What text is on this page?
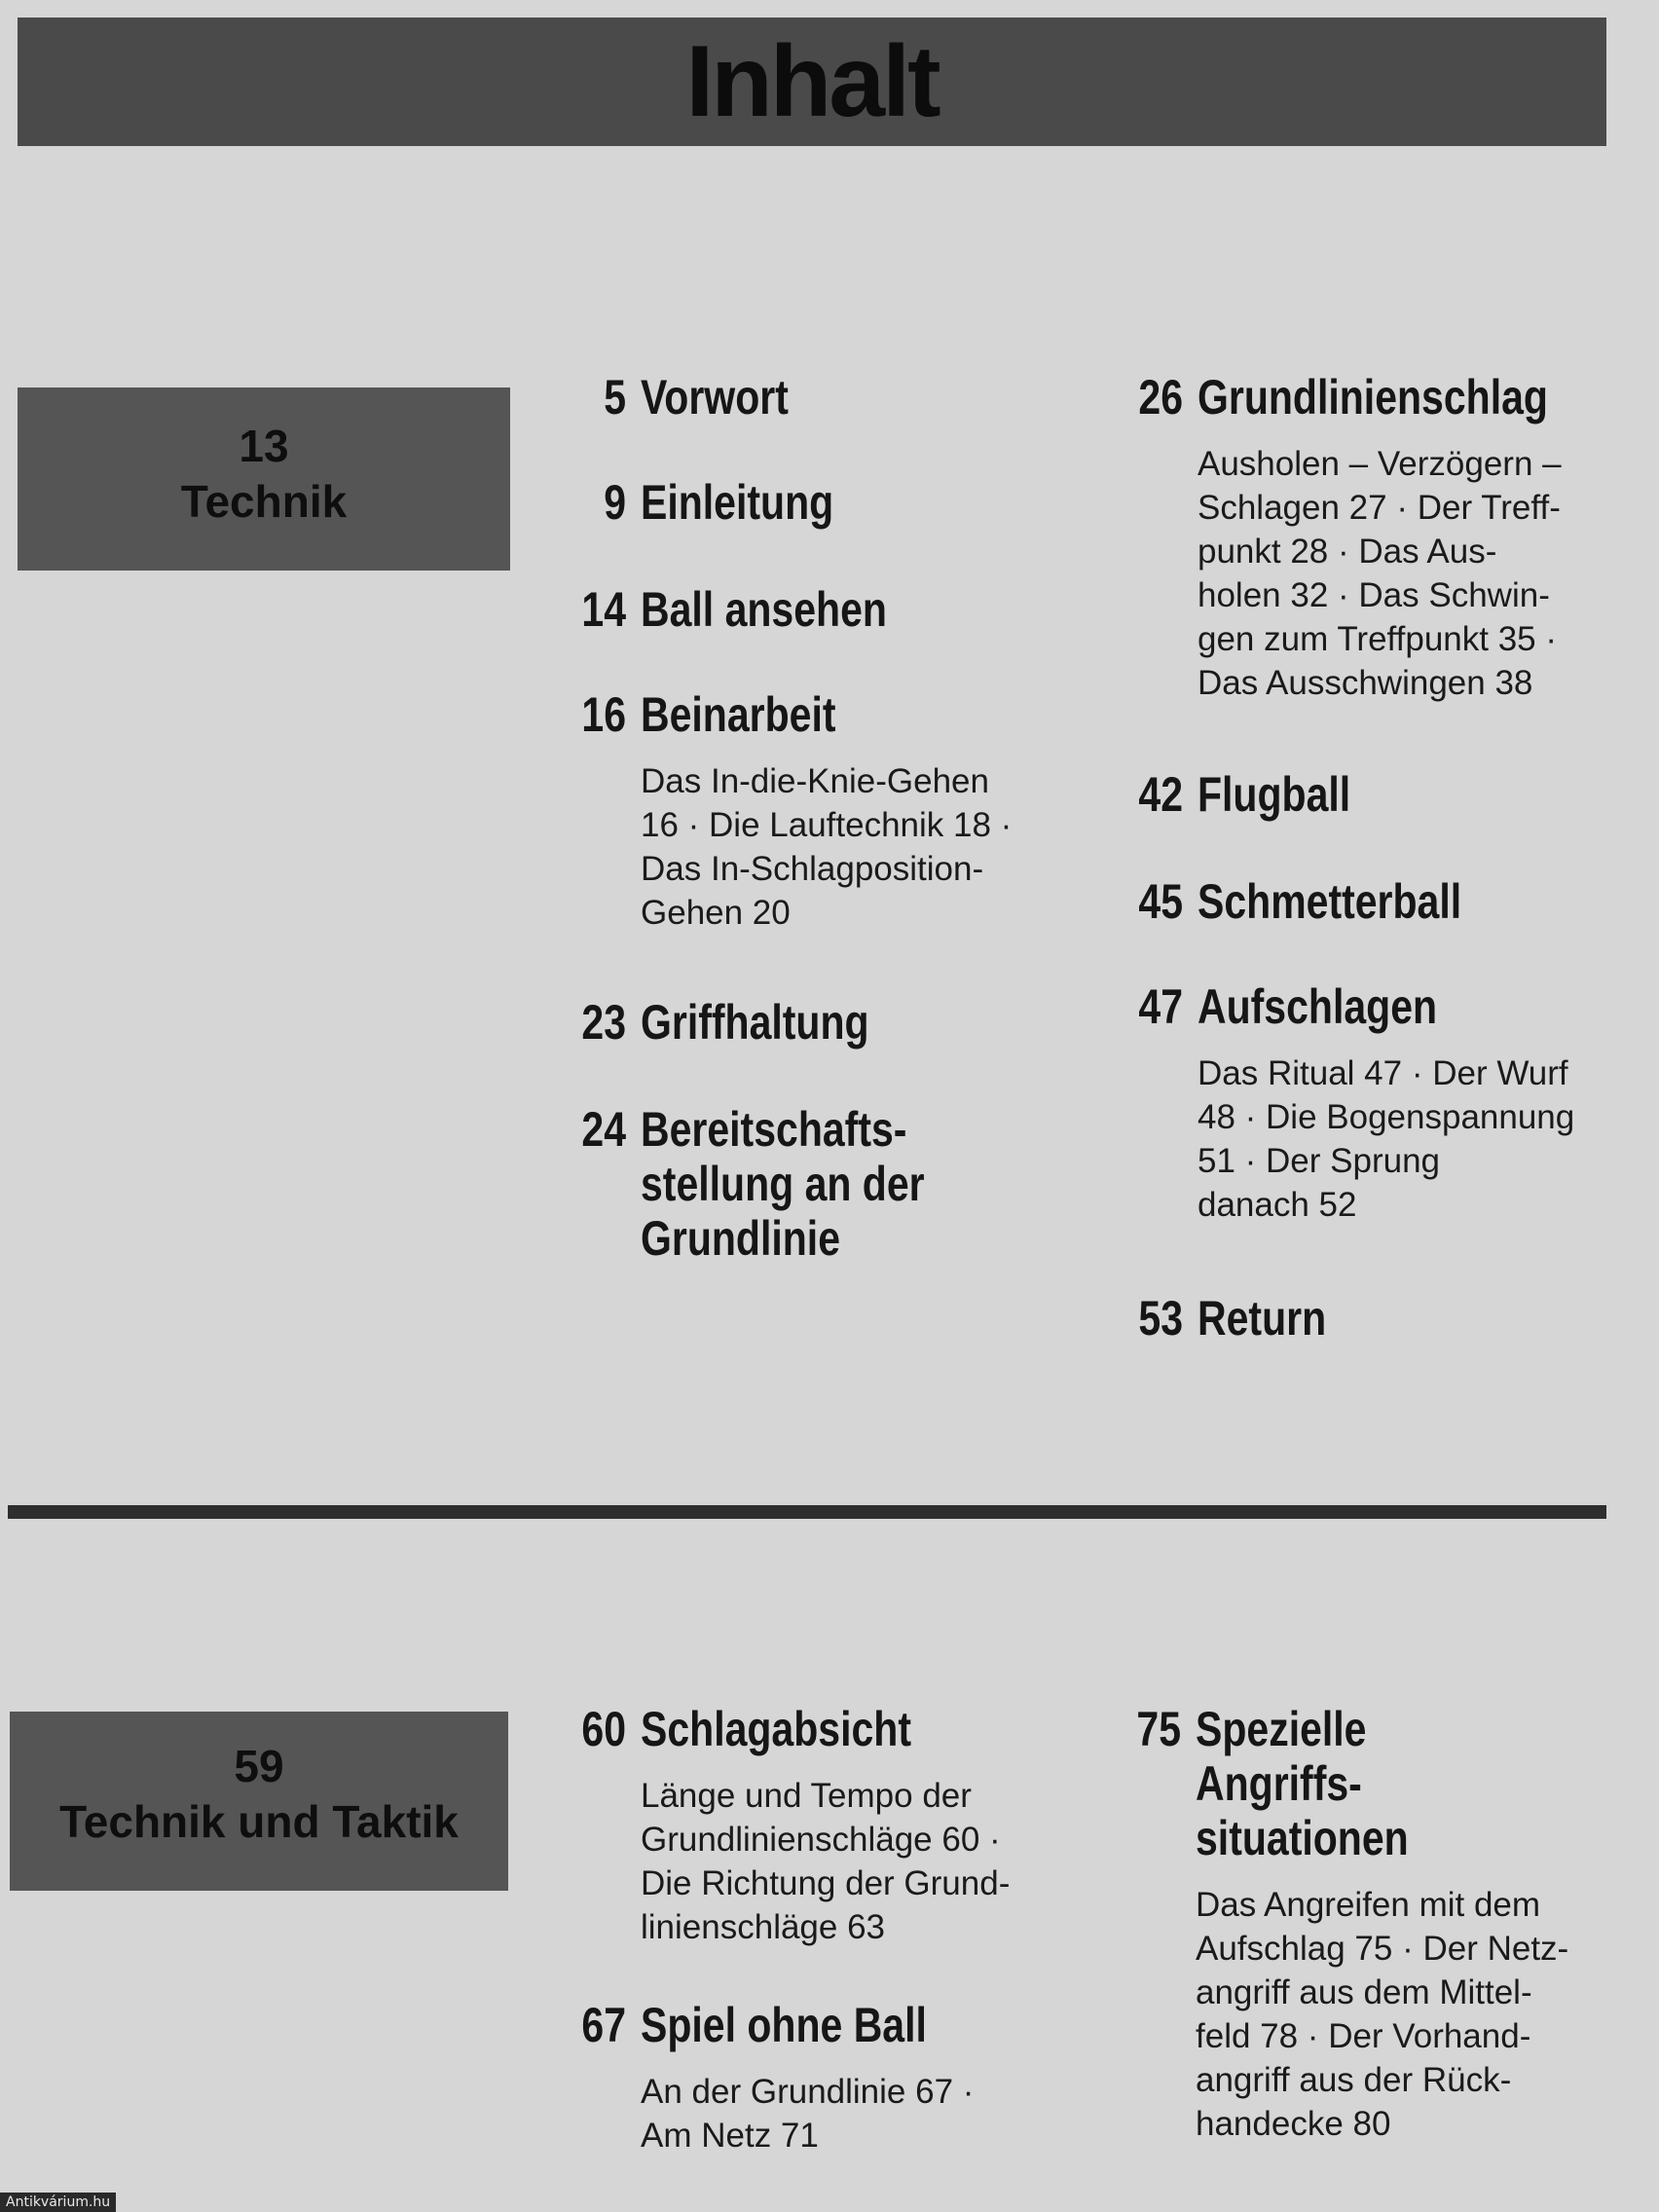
Inhalt
13
Technik
5 Vorwort
9 Einleitung
14 Ball ansehen
16 Beinarbeit
Das In-die-Knie-Gehen
16 · Die Lauftechnik 18 ·
Das In-Schlagposition-
Gehen 20
23 Griffhaltung
24 Bereitschafts-
stellung an der
Grundlinie
26 Grundlinienschlag
Ausholen – Verzögern –
Schlagen 27 · Der Treff-
punkt 28 · Das Aus-
holen 32 · Das Schwin-
gen zum Treffpunkt 35 ·
Das Ausschwingen 38
42 Flugball
45 Schmetterball
47 Aufschlagen
Das Ritual 47 · Der Wurf
48 · Die Bogenspannung
51 · Der Sprung
danach 52
53 Return
59
Technik und Taktik
60 Schlagabsicht
Länge und Tempo der
Grundlinienschläge 60 ·
Die Richtung der Grund-
linienschläge 63
67 Spiel ohne Ball
An der Grundlinie 67 ·
Am Netz 71
75 Spezielle
Angriffs-
situationen
Das Angreifen mit dem
Aufschlag 75 · Der Netz-
angriff aus dem Mittel-
feld 78 · Der Vorhand-
angriff aus der Rück-
handecke 80
Antikvárium.hu
